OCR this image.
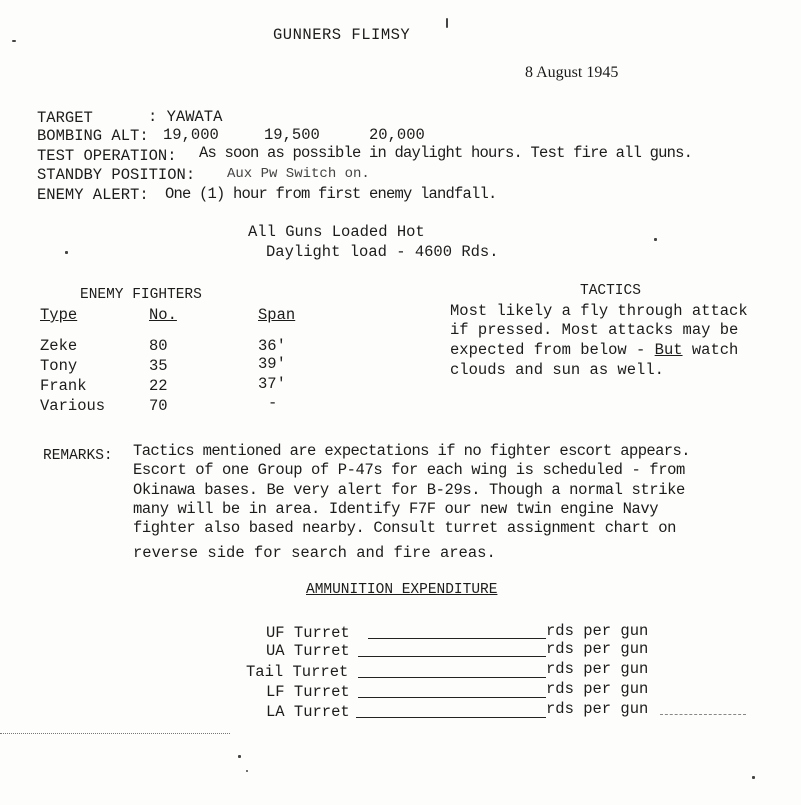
GUNNERS FLIMSY
8 August 1945
TARGET	: YAWATA
BOMBING ALT: 19,000	19,500	20,000
TEST OPERATION: As soon as possible in daylight hours. Test fire all guns.
STANDBY POSITION: Aux Pw Switch on.
ENEMY ALERT: One (1) hour from first enemy landfall.
All Guns Loaded Hot
Daylight load - 4600 Rds.
ENEMY FIGHTERS
Type	No.	Span
Zeke	80	36'
Tony	35	39'
Frank	22	37'
Various	70	-
TACTICS
Most likely a fly through attack
if pressed. Most attacks may be
expected from below - But watch
clouds and sun as well.
REMARKS: Tactics mentioned are expectations if no fighter escort appears.
Escort of one Group of P-47s for each wing is scheduled - from
Okinawa bases. Be very alert for B-29s. Though a normal strike
many will be in area. Identify F7F our new twin engine Navy
fighter also based nearby. Consult turret assignment chart on
reverse side for search and fire areas.
AMMUNITION EXPENDITURE
UF Turret	rds per gun
UA Turret	rds per gun
Tail Turret	rds per gun
LF Turret	rds per gun
LA Turret	rds per gun
